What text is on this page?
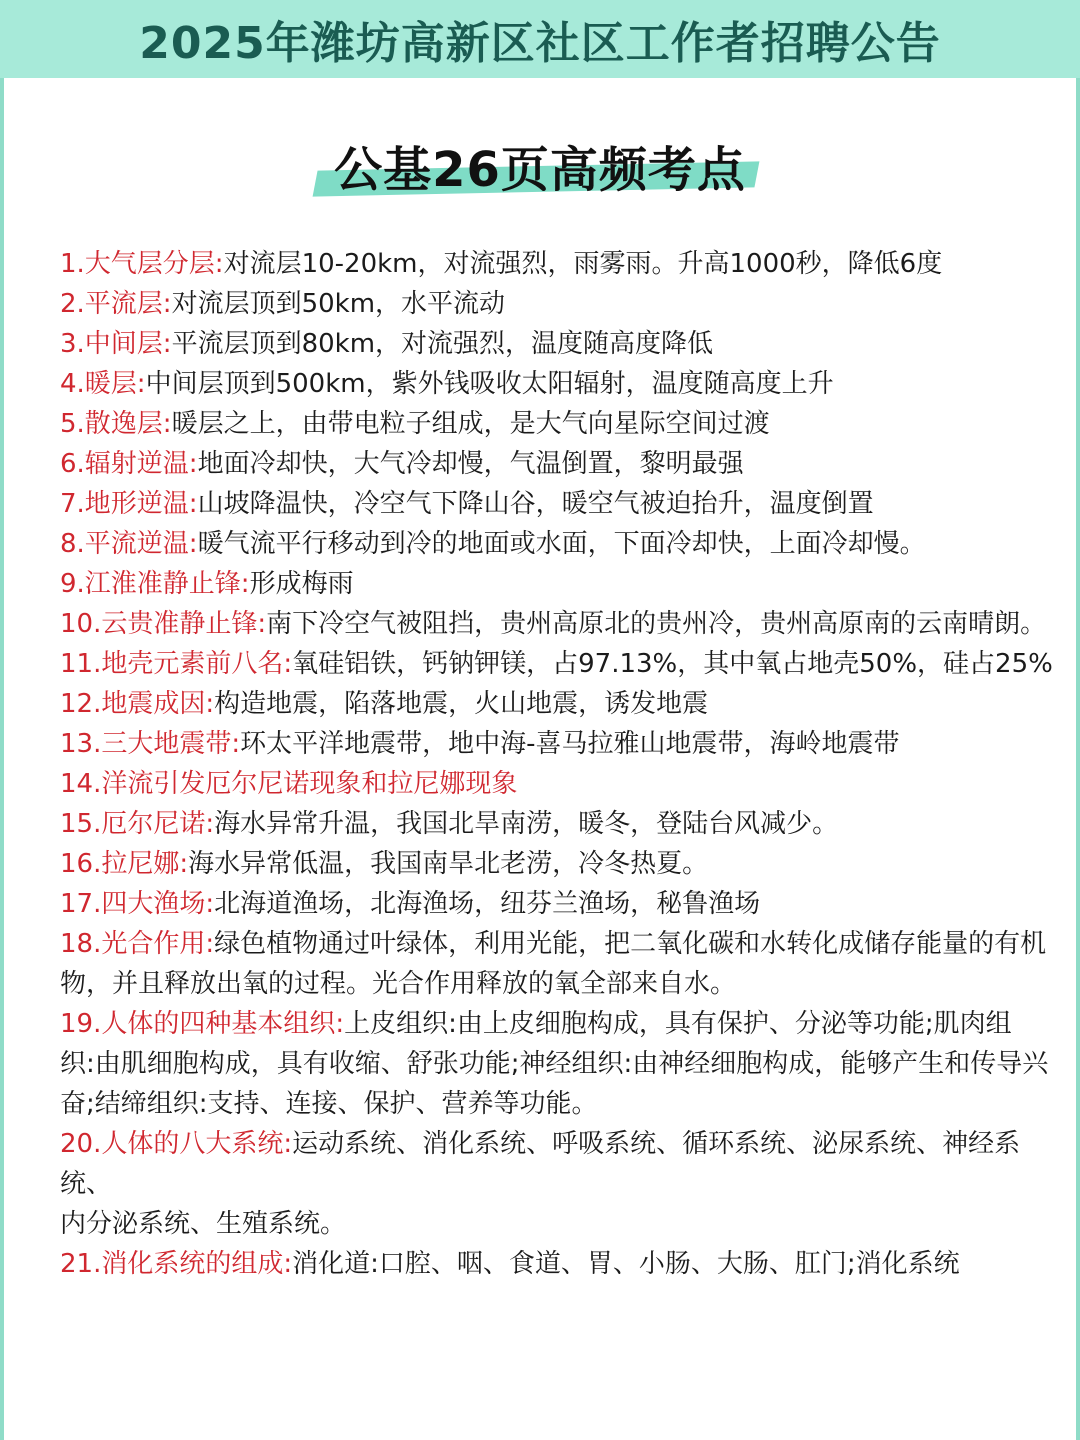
2025年潍坊高新区社区工作者招聘公告
公基26页高频考点

1.大气层分层:对流层10-20km，对流强烈，雨雾雨。升高1000秒，降低6度

2.平流层:对流层顶到50km，水平流动

3.中间层:平流层顶到80km，对流强烈，温度随高度降低

4.暖层:中间层顶到500km，紫外钱吸收太阳辐射，温度随高度上升

5.散逸层:暖层之上，由带电粒子组成，是大气向星际空间过渡

6.辐射逆温:地面冷却快，大气冷却慢，气温倒置，黎明最强

7.地形逆温:山坡降温快，冷空气下降山谷，暖空气被迫抬升，温度倒置

8.平流逆温:暖气流平行移动到冷的地面或水面，下面冷却快，上面冷却慢。

9.江淮准静止锋:形成梅雨

10.云贵准静止锋:南下冷空气被阻挡，贵州高原北的贵州冷，贵州高原南的云南晴朗。

11.地壳元素前八名:氧硅铝铁，钙钠钾镁，占97.13%，其中氧占地壳50%，硅占25%

12.地震成因:构造地震，陷落地震，火山地震，诱发地震

13.三大地震带:环太平洋地震带，地中海-喜马拉雅山地震带，海岭地震带

14.洋流引发厄尔尼诺现象和拉尼娜现象

15.厄尔尼诺:海水异常升温，我国北旱南涝，暖冬，登陆台风减少。

16.拉尼娜:海水异常低温，我国南旱北老涝，冷冬热夏。

17.四大渔场:北海道渔场，北海渔场，纽芬兰渔场，秘鲁渔场

18.光合作用:绿色植物通过叶绿体，利用光能，把二氧化碳和水转化成储存能量的有机
物，并且释放出氧的过程。光合作用释放的氧全部来自水。

19.人体的四种基本组织:上皮组织:由上皮细胞构成，具有保护、分泌等功能;肌肉组
织:由肌细胞构成，具有收缩、舒张功能;神经组织:由神经细胞构成，能够产生和传导兴奋;结缔组织:支持、连接、保护、营养等功能。

20.人体的八大系统:运动系统、消化系统、呼吸系统、循环系统、泌尿系统、神经系统、
内分泌系统、生殖系统。

21.消化系统的组成:消化道:口腔、咽、食道、胃、小肠、大肠、肛门;消化系统
